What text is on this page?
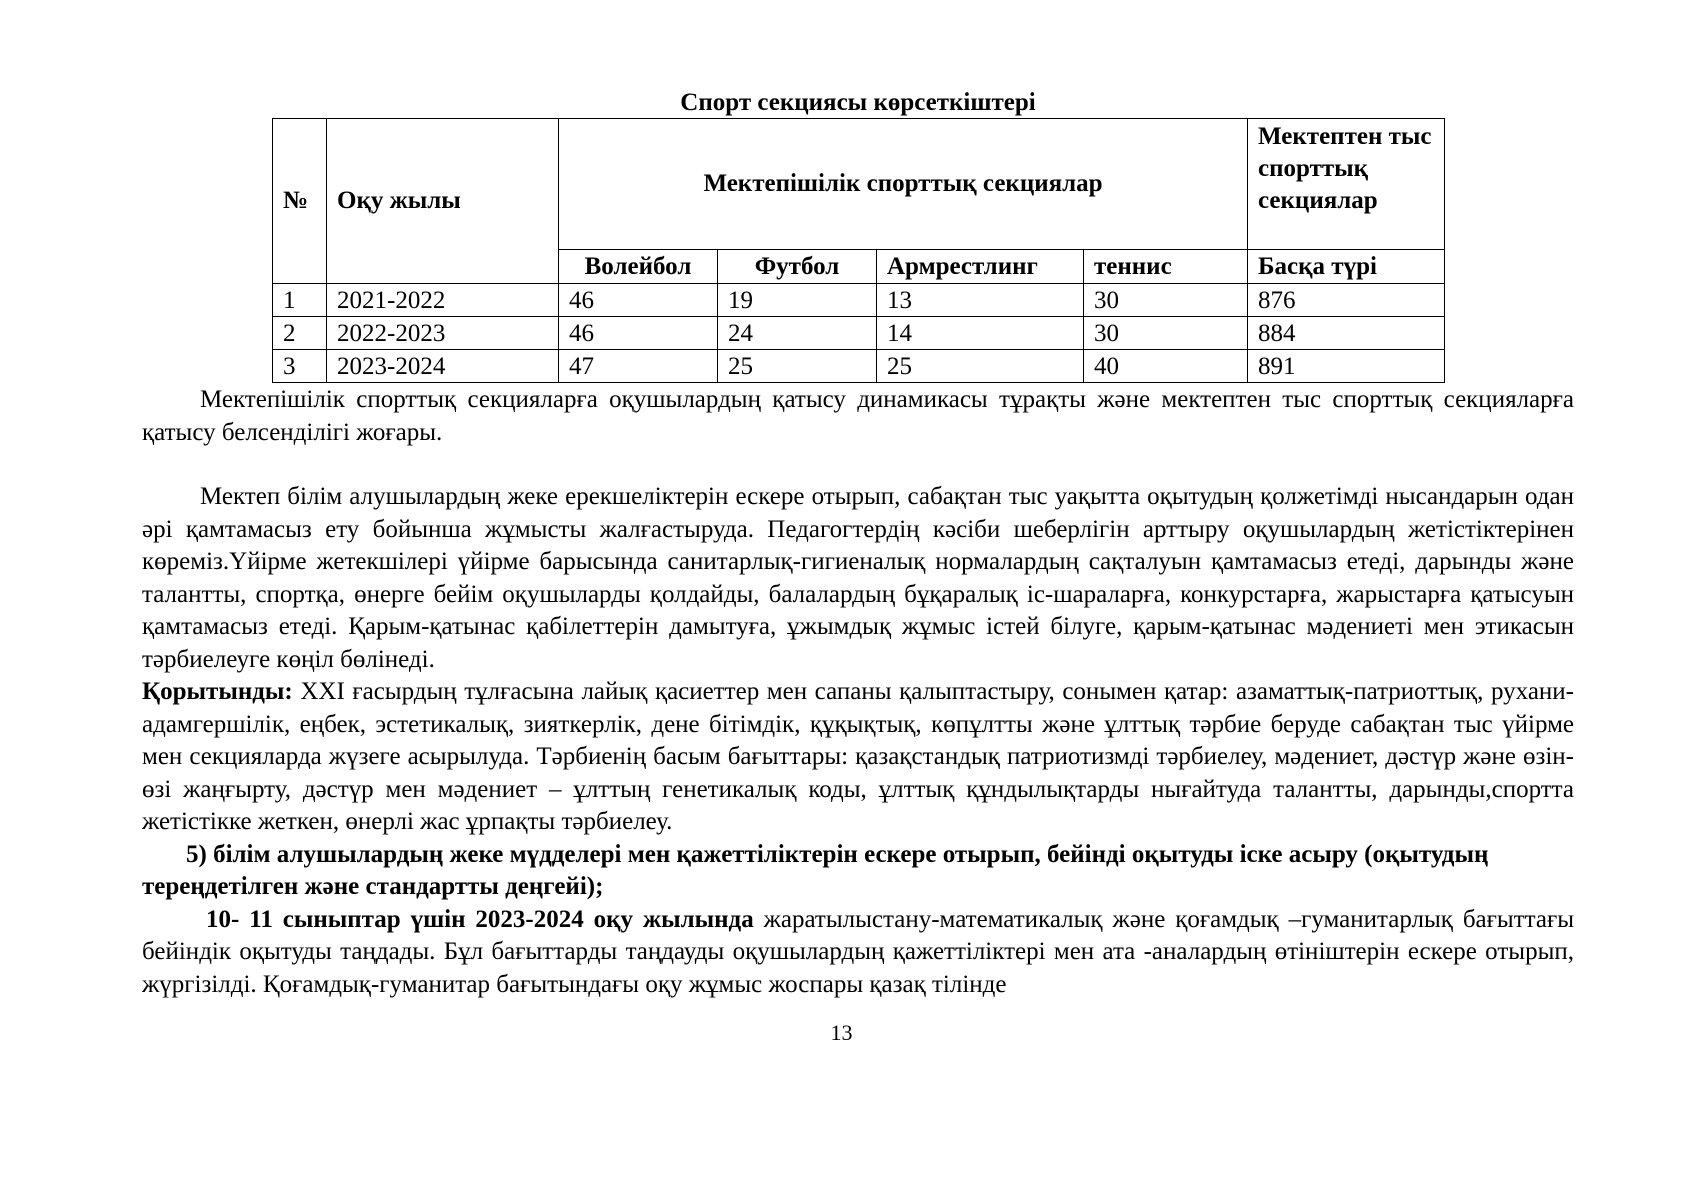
Спорт секциясы көрсеткіштері
№	Оқу жылы	Мектепішілік спорттық секциялар				Мектептен тыс спорттық секциялар
		Волейбол	Футбол	Армрестлинг	теннис	Басқа түрі
1	2021-2022	46	19	13	30	876
2	2022-2023	46	24	14	30	884
3	2023-2024	47	25	25	40	891

Мектепішілік спорттық секцияларға оқушылардың қатысу динамикасы тұрақты және мектептен тыс спорттық секцияларға қатысу белсенділігі жоғары.

Мектеп білім алушылардың жеке ерекшеліктерін ескере отырып, сабақтан тыс уақытта оқытудың қолжетімді нысандарын одан әрі қамтамасыз ету бойынша жұмысты жалғастыруда. Педагогтердің кәсіби шеберлігін арттыру оқушылардың жетістіктерінен көреміз.Үйірме жетекшілері үйірме барысында санитарлық-гигиеналық нормалардың сақталуын қамтамасыз етеді, дарынды және талантты, спортқа, өнерге бейім оқушыларды қолдайды, балалардың бұқаралық іс-шараларға, конкурстарға, жарыстарға қатысуын қамтамасыз етеді. Қарым-қатынас қабілеттерін дамытуға, ұжымдық жұмыс істей білуге, қарым-қатынас мәдениеті мен этикасын тәрбиелеуге көңіл бөлінеді.

Қорытынды: XXI ғасырдың тұлғасына лайық қасиеттер мен сапаны қалыптастыру, сонымен қатар: азаматтық-патриоттық, рухани-адамгершілік, еңбек, эстетикалық, зияткерлік, дене бітімдік, құқықтық, көпұлтты және ұлттық тәрбие беруде сабақтан тыс үйірме мен секцияларда жүзеге асырылуда. Тәрбиенің басым бағыттары: қазақстандық патриотизмді тәрбиелеу, мәдениет, дәстүр және өзін-өзі жаңғырту, дәстүр мен мәдениет – ұлттың генетикалық коды, ұлттық құндылықтарды нығайтуда талантты, дарынды,спортта жетістікке жеткен, өнерлі жас ұрпақты тәрбиелеу.

5) білім алушылардың жеке мүдделері мен қажеттіліктерін ескере отырып, бейінді оқытуды іске асыру (оқытудың тереңдетілген және стандартты деңгейі);

10- 11 сыныптар үшін 2023-2024 оқу жылында жаратылыстану-математикалық және қоғамдық –гуманитарлық бағыттағы бейіндік оқытуды таңдады. Бұл бағыттарды таңдауды оқушылардың қажеттіліктері мен ата -аналардың өтініштерін ескере отырып, жүргізілді. Қоғамдық-гуманитар бағытындағы оқу жұмыс жоспары қазақ тілінде

13
